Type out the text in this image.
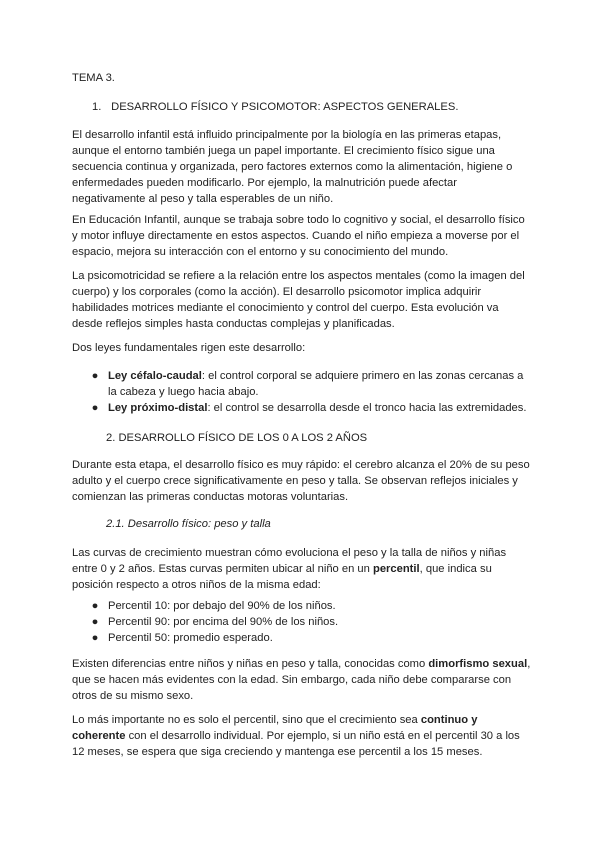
TEMA 3.

1. DESARROLLO FÍSICO Y PSICOMOTOR: ASPECTOS GENERALES.

El desarrollo infantil está influido principalmente por la biología en las primeras etapas, aunque el entorno también juega un papel importante. El crecimiento físico sigue una secuencia continua y organizada, pero factores externos como la alimentación, higiene o enfermedades pueden modificarlo. Por ejemplo, la malnutrición puede afectar negativamente al peso y talla esperables de un niño.

En Educación Infantil, aunque se trabaja sobre todo lo cognitivo y social, el desarrollo físico y motor influye directamente en estos aspectos. Cuando el niño empieza a moverse por el espacio, mejora su interacción con el entorno y su conocimiento del mundo.

La psicomotricidad se refiere a la relación entre los aspectos mentales (como la imagen del cuerpo) y los corporales (como la acción). El desarrollo psicomotor implica adquirir habilidades motrices mediante el conocimiento y control del cuerpo. Esta evolución va desde reflejos simples hasta conductas complejas y planificadas.

Dos leyes fundamentales rigen este desarrollo:

● Ley céfalo-caudal: el control corporal se adquiere primero en las zonas cercanas a la cabeza y luego hacia abajo.
● Ley próximo-distal: el control se desarrolla desde el tronco hacia las extremidades.

2. DESARROLLO FÍSICO DE LOS 0 A LOS 2 AÑOS

Durante esta etapa, el desarrollo físico es muy rápido: el cerebro alcanza el 20% de su peso adulto y el cuerpo crece significativamente en peso y talla. Se observan reflejos iniciales y comienzan las primeras conductas motoras voluntarias.

2.1. Desarrollo físico: peso y talla

Las curvas de crecimiento muestran cómo evoluciona el peso y la talla de niños y niñas entre 0 y 2 años. Estas curvas permiten ubicar al niño en un percentil, que indica su posición respecto a otros niños de la misma edad:

● Percentil 10: por debajo del 90% de los niños.
● Percentil 90: por encima del 90% de los niños.
● Percentil 50: promedio esperado.

Existen diferencias entre niños y niñas en peso y talla, conocidas como dimorfismo sexual, que se hacen más evidentes con la edad. Sin embargo, cada niño debe compararse con otros de su mismo sexo.

Lo más importante no es solo el percentil, sino que el crecimiento sea continuo y coherente con el desarrollo individual. Por ejemplo, si un niño está en el percentil 30 a los 12 meses, se espera que siga creciendo y mantenga ese percentil a los 15 meses.
